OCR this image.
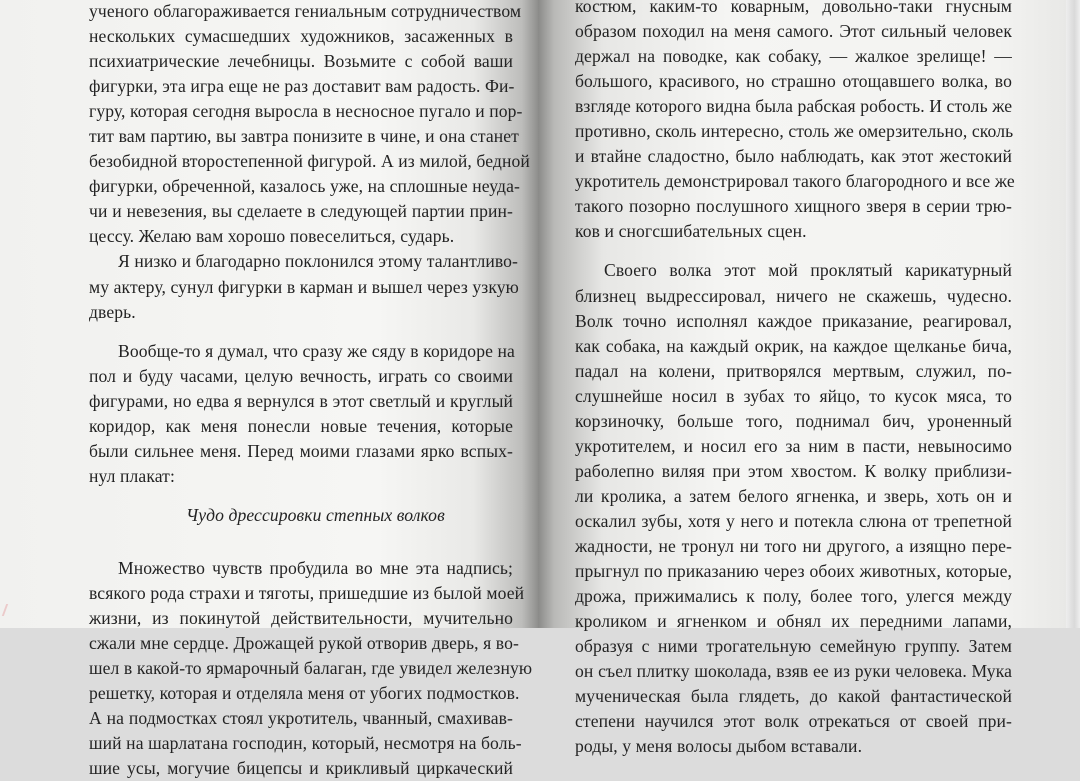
ученого облагораживается гениальным сотрудничеством
нескольких сумасшедших художников, засаженных в
психиатрические лечебницы. Возьмите с собой ваши
фигурки, эта игра еще не раз доставит вам радость. Фи-
гуру, которая сегодня выросла в несносное пугало и пор-
тит вам партию, вы завтра понизите в чине, и она станет
безобидной второстепенной фигурой. А из милой, бедной
фигурки, обреченной, казалось уже, на сплошные неуда-
чи и невезения, вы сделаете в следующей партии прин-
цессу. Желаю вам хорошо повеселиться, сударь.
Я низко и благодарно поклонился этому талантливо-
му актеру, сунул фигурки в карман и вышел через узкую
дверь.
Вообще-то я думал, что сразу же сяду в коридоре на
пол и буду часами, целую вечность, играть со своими
фигурами, но едва я вернулся в этот светлый и круглый
коридор, как меня понесли новые течения, которые
были сильнее меня. Перед моими глазами ярко вспых-
нул плакат:
Чудо дрессировки степных волков
Множество чувств пробудила во мне эта надпись;
всякого рода страхи и тяготы, пришедшие из былой моей
жизни, из покинутой действительности, мучительно
сжали мне сердце. Дрожащей рукой отворив дверь, я во-
шел в какой-то ярмарочный балаган, где увидел железную
решетку, которая и отделяла меня от убогих подмостков.
А на подмостках стоял укротитель, чванный, смахивав-
ший на шарлатана господин, который, несмотря на боль-
шие усы, могучие бицепсы и крикливый циркаческий
костюм, каким-то коварным, довольно-таки гнусным
образом походил на меня самого. Этот сильный человек
держал на поводке, как собаку, — жалкое зрелище! —
большого, красивого, но страшно отощавшего волка, во
взгляде которого видна была рабская робость. И столь же
противно, сколь интересно, столь же омерзительно, сколь
и втайне сладостно, было наблюдать, как этот жестокий
укротитель демонстрировал такого благородного и все же
такого позорно послушного хищного зверя в серии трю-
ков и сногсшибательных сцен.
Своего волка этот мой проклятый карикатурный
близнец выдрессировал, ничего не скажешь, чудесно.
Волк точно исполнял каждое приказание, реагировал,
как собака, на каждый окрик, на каждое щелканье бича,
падал на колени, притворялся мертвым, служил, по-
слушнейше носил в зубах то яйцо, то кусок мяса, то
корзиночку, больше того, поднимал бич, уроненный
укротителем, и носил его за ним в пасти, невыносимо
раболепно виляя при этом хвостом. К волку приблизи-
ли кролика, а затем белого ягненка, и зверь, хоть он и
оскалил зубы, хотя у него и потекла слюна от трепетной
жадности, не тронул ни того ни другого, а изящно пере-
прыгнул по приказанию через обоих животных, которые,
дрожа, прижимались к полу, более того, улегся между
кроликом и ягненком и обнял их передними лапами,
образуя с ними трогательную семейную группу. Затем
он съел плитку шоколада, взяв ее из руки человека. Мука
мученическая была глядеть, до какой фантастической
степени научился этот волк отрекаться от своей при-
роды, у меня волосы дыбом вставали.
